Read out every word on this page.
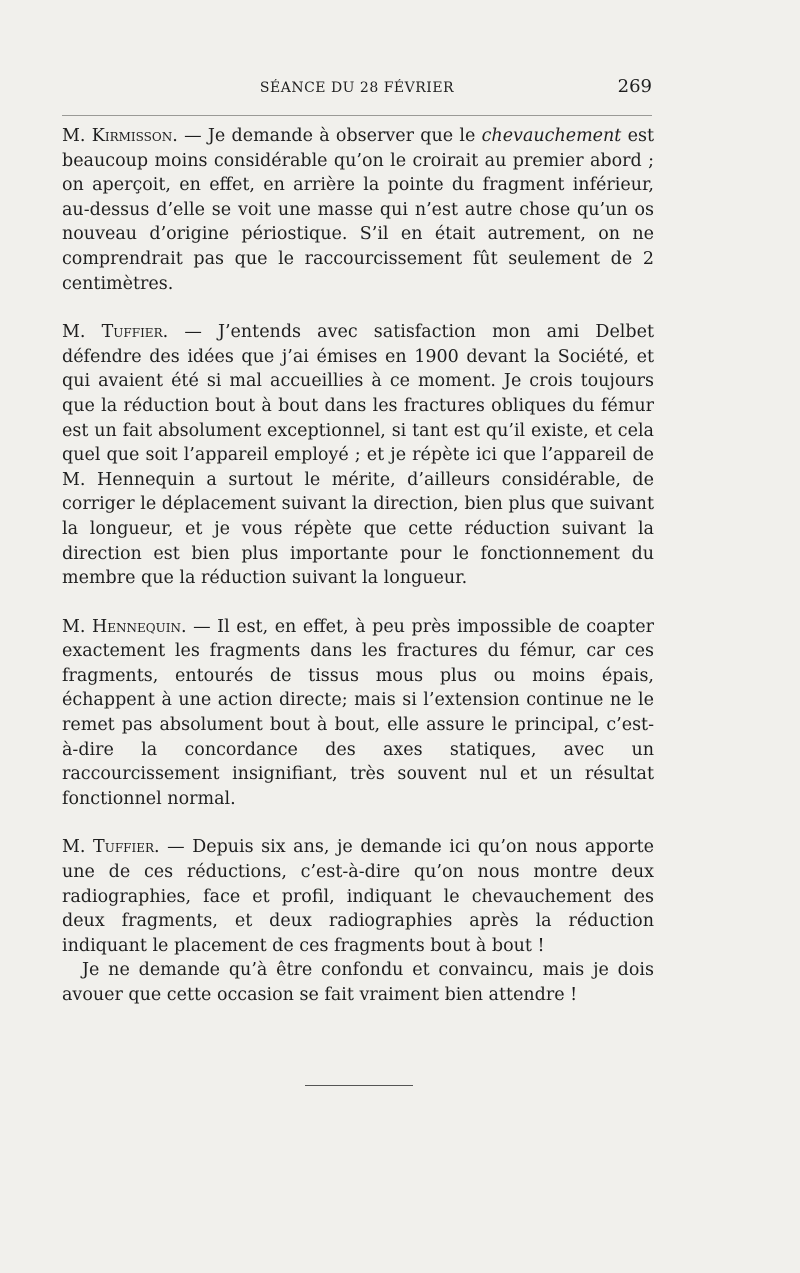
SÉANCE DU 28 FÉVRIER	269

M. Kirmisson. — Je demande à observer que le chevauchement est beaucoup moins considérable qu’on le croirait au premier abord ; on aperçoit, en effet, en arrière la pointe du fragment inférieur, au-dessus d’elle se voit une masse qui n’est autre chose qu’un os nouveau d’origine périostique. S’il en était autrement, on ne comprendrait pas que le raccourcissement fût seulement de 2 centimètres.

M. Tuffier. — J’entends avec satisfaction mon ami Delbet défendre des idées que j’ai émises en 1900 devant la Société, et qui avaient été si mal accueillies à ce moment. Je crois toujours que la réduction bout à bout dans les fractures obliques du fémur est un fait absolument exceptionnel, si tant est qu’il existe, et cela quel que soit l’appareil employé ; et je répète ici que l’appareil de M. Hennequin a surtout le mérite, d’ailleurs considérable, de corriger le déplacement suivant la direction, bien plus que suivant la longueur, et je vous répète que cette réduction suivant la direction est bien plus importante pour le fonctionnement du membre que la réduction suivant la longueur.

M. Hennequin. — Il est, en effet, à peu près impossible de coapter exactement les fragments dans les fractures du fémur, car ces fragments, entourés de tissus mous plus ou moins épais, échappent à une action directe; mais si l’extension continue ne le remet pas absolument bout à bout, elle assure le principal, c’est-à-dire la concordance des axes statiques, avec un raccourcissement insignifiant, très souvent nul et un résultat fonctionnel normal.

M. Tuffier. — Depuis six ans, je demande ici qu’on nous apporte une de ces réductions, c’est-à-dire qu’on nous montre deux radiographies, face et profil, indiquant le chevauchement des deux fragments, et deux radiographies après la réduction indiquant le placement de ces fragments bout à bout !

Je ne demande qu’à être confondu et convaincu, mais je dois avouer que cette occasion se fait vraiment bien attendre !
